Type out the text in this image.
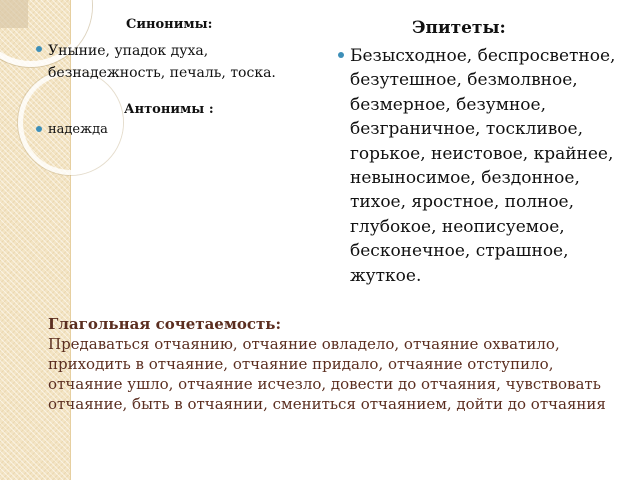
Синонимы:
Уныние, упадок духа, безнадежность, печаль, тоска.
Антонимы :
надежда
Эпитеты:
Безысходное, беспросветное, безутешное, безмолвное, безмерное, безумное, безграничное, тоскливое, горькое, неистовое, крайнее, невыносимое, бездонное, тихое, яростное, полное, глубокое, неописуемое, бесконечное, страшное, жуткое.
Глагольная сочетаемость:
Предаваться отчаянию, отчаяние овладело, отчаяние охватило, приходить в отчаяние, отчаяние придало, отчаяние отступило, отчаяние ушло, отчаяние исчезло, довести до отчаяния, чувствовать отчаяние, быть в отчаянии, смениться отчаянием, дойти до отчаяния
